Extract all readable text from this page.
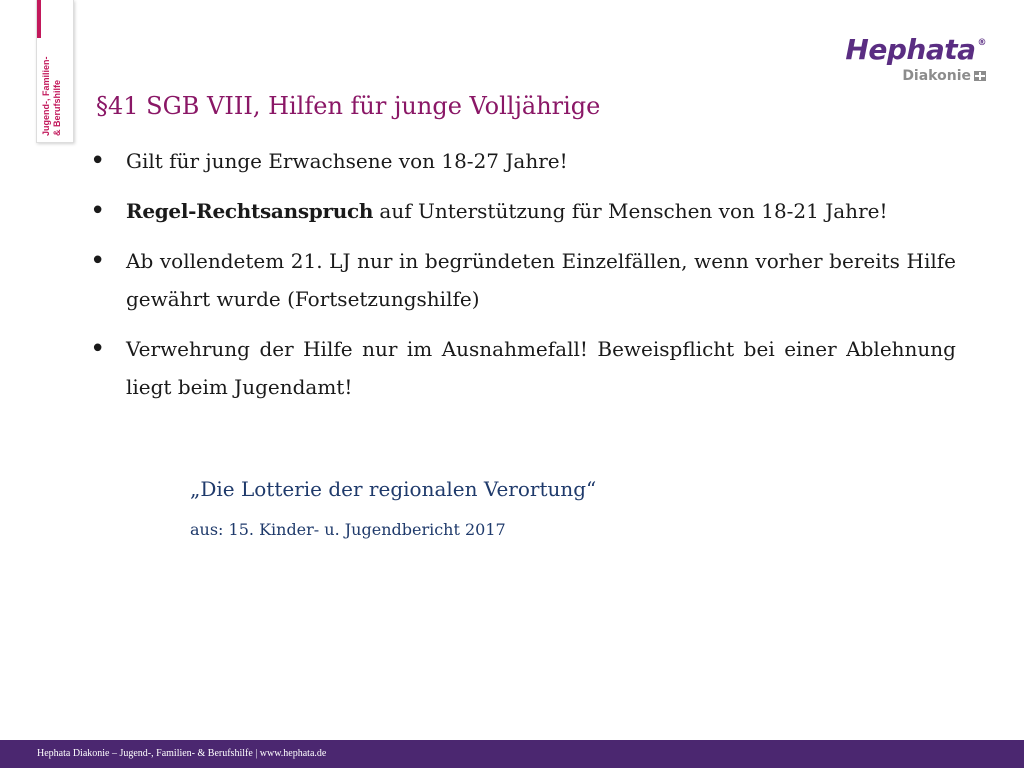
Jugend-, Familien- & Berufshilfe
Hephata ®
Diakonie
§41 SGB VIII, Hilfen für junge Volljährige
• Gilt für junge Erwachsene von 18-27 Jahre!
• Regel-Rechtsanspruch auf Unterstützung für Menschen von 18-21 Jahre!
• Ab vollendetem 21. LJ nur in begründeten Einzelfällen, wenn vorher bereits Hilfe gewährt wurde (Fortsetzungshilfe)
• Verwehrung der Hilfe nur im Ausnahmefall! Beweispflicht bei einer Ablehnung liegt beim Jugendamt!
„Die Lotterie der regionalen Verortung“
aus: 15. Kinder- u. Jugendbericht 2017
Hephata Diakonie – Jugend-, Familien- & Berufshilfe | www.hephata.de
